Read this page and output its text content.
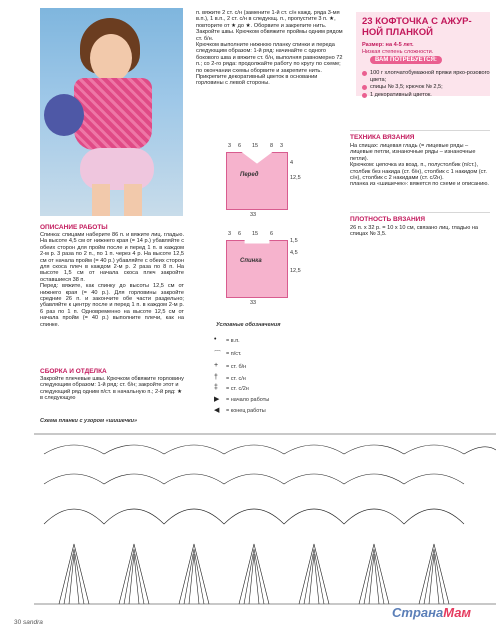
п. вяжите 2 ст. с/н (замените 1-й ст. с/н кажд. ряда 3-мя в.п.), 1 в.п., 2 ст. с/н в следующ. п., пропустите 3 п. ★, повторите от ★ до ★. Оборвите и закрепите нить. Закройте швы. Крючком обвяжите проймы одним рядом ст. б/н.
Крючком выполните нижнюю планку спинки и переда следующим образом: 1-й ряд: начинайте с одного бокового шва и вяжите ст. б/н, выполняя равномерно 72 п.; со 2-го ряда: продолжайте работу по кругу по схеме; по окончании схемы оборвите и закрепите нить. Прикрепите декоративный цветок в основании горловины с левой стороны.

23 КОФТОЧКА С АЖУР-НОЙ ПЛАНКОЙ

Размер: на 4-5 лет.

Низкая степень сложности.

ВАМ ПОТРЕБУЕТСЯ:

100 г хлопчатобумажной пряжи ярко-розового цвета;

спицы № 3,5; крючок № 2,5;

1 декоративный цветок.

ТЕХНИКА ВЯЗАНИЯ

На спицах: лицевая гладь (= лицевые ряды – лицевые петли, изнаночные ряды – изнаночные петли).
Крючком: цепочка из возд. п., полустолбик (п/ст.), столбик без накида (ст. б/н), столбик с 1 накидом (ст. с/н), столбик с 2 накидами (ст. с/2н).
планка из «шишечек»: вяжется по схеме и описанию.

ПЛОТНОСТЬ ВЯЗАНИЯ

26 п. х 32 р. = 10 х 10 см, связано лиц. гладью на спицах № 3,5.

ОПИСАНИЕ РАБОТЫ

Спинка: спицами наберите 86 п. и вяжите лиц. гладью. На высоте 4,5 см от нижнего края (= 14 р.) убавляйте с обеих сторон для пройм после и перед 1 п. в каждом 2-м р. 3 раза по 2 п., по 1 п. через 4 р. На высоте 12,5 см от начала пройм (= 40 р.) убавляйте с обеих сторон для скоса плеч в каждом 2-м р. 2 раза по 8 п. На высоте 1,5 см от начала скоса плеч закройте оставшиеся 38 п.
Перед: вяжите, как спинку до высоты 12,5 см от нижнего края (= 40 р.). Для горловины закройте средние 26 п. и закончите обе части раздельно; убавляйте к центру после и перед 1 п. в каждом 2-м р. 6 раз по 1 п. Одновременно на высоте 12,5 см от начала пройм (= 40 р.) выполните плечи, как на спинке.

СБОРКА И ОТДЕЛКА

Закройте плечевые швы. Крючком обвяжите горловину следующим образом: 1-й ряд: ст. б/н; закройте этот и следующий ряд одним п/ст. в начальную п.; 2-й ряд: ★ в следующую

Перед
3 6 15 8 3
4
12,5
33
Спинка
3 6 15 6
1,5
4,5
12,5
33
Условные обозначения
• = в.п.
⌒ = п/ст.
+ = ст. б/н
† = ст. с/н
‡ = ст. с/2н
▶ = начало работы
◀ = конец работы
Схема планки с узором «шишечки»
30 sandra
СтранаМам
